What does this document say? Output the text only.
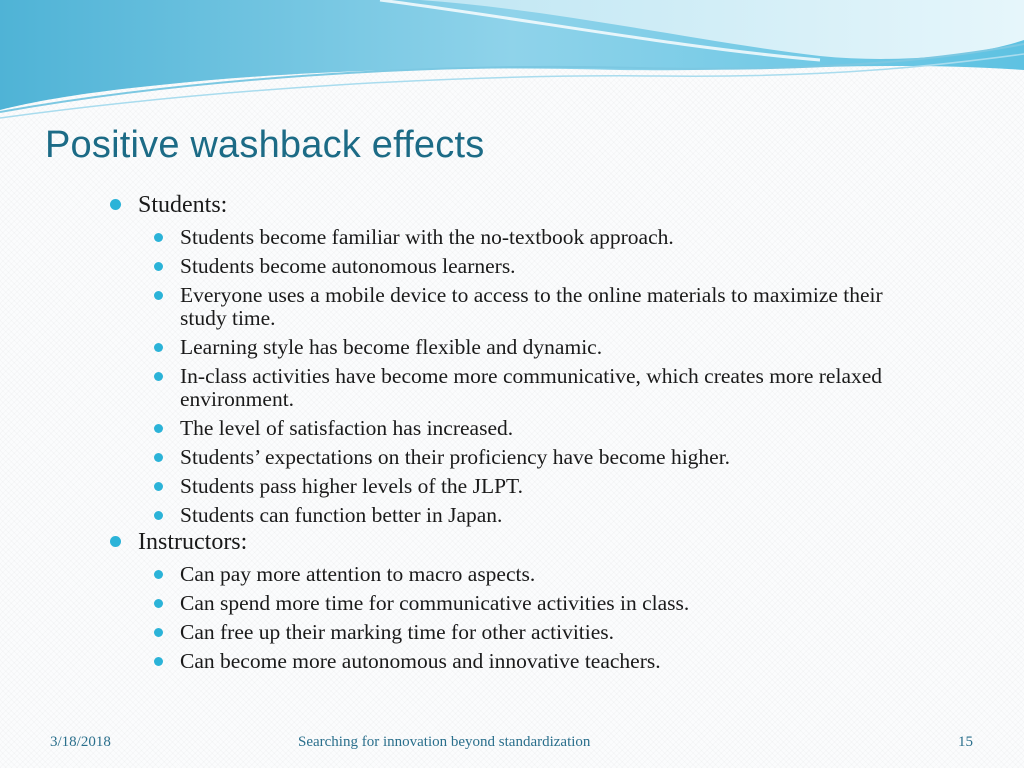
Positive washback effects
Students:
Students become familiar with the no-textbook approach.
Students become autonomous learners.
Everyone uses a mobile device to access to the online materials to maximize their study time.
Learning style has become flexible and dynamic.
In-class activities have become more communicative, which creates more relaxed environment.
The level of satisfaction has increased.
Students’ expectations on their proficiency have become higher.
Students pass higher levels of the JLPT.
Students can function better in Japan.
Instructors:
Can pay more attention to macro aspects.
Can spend more time for communicative activities in class.
Can free up their marking time for other activities.
Can become more autonomous and innovative teachers.
3/18/2018	Searching for innovation beyond standardization	15
